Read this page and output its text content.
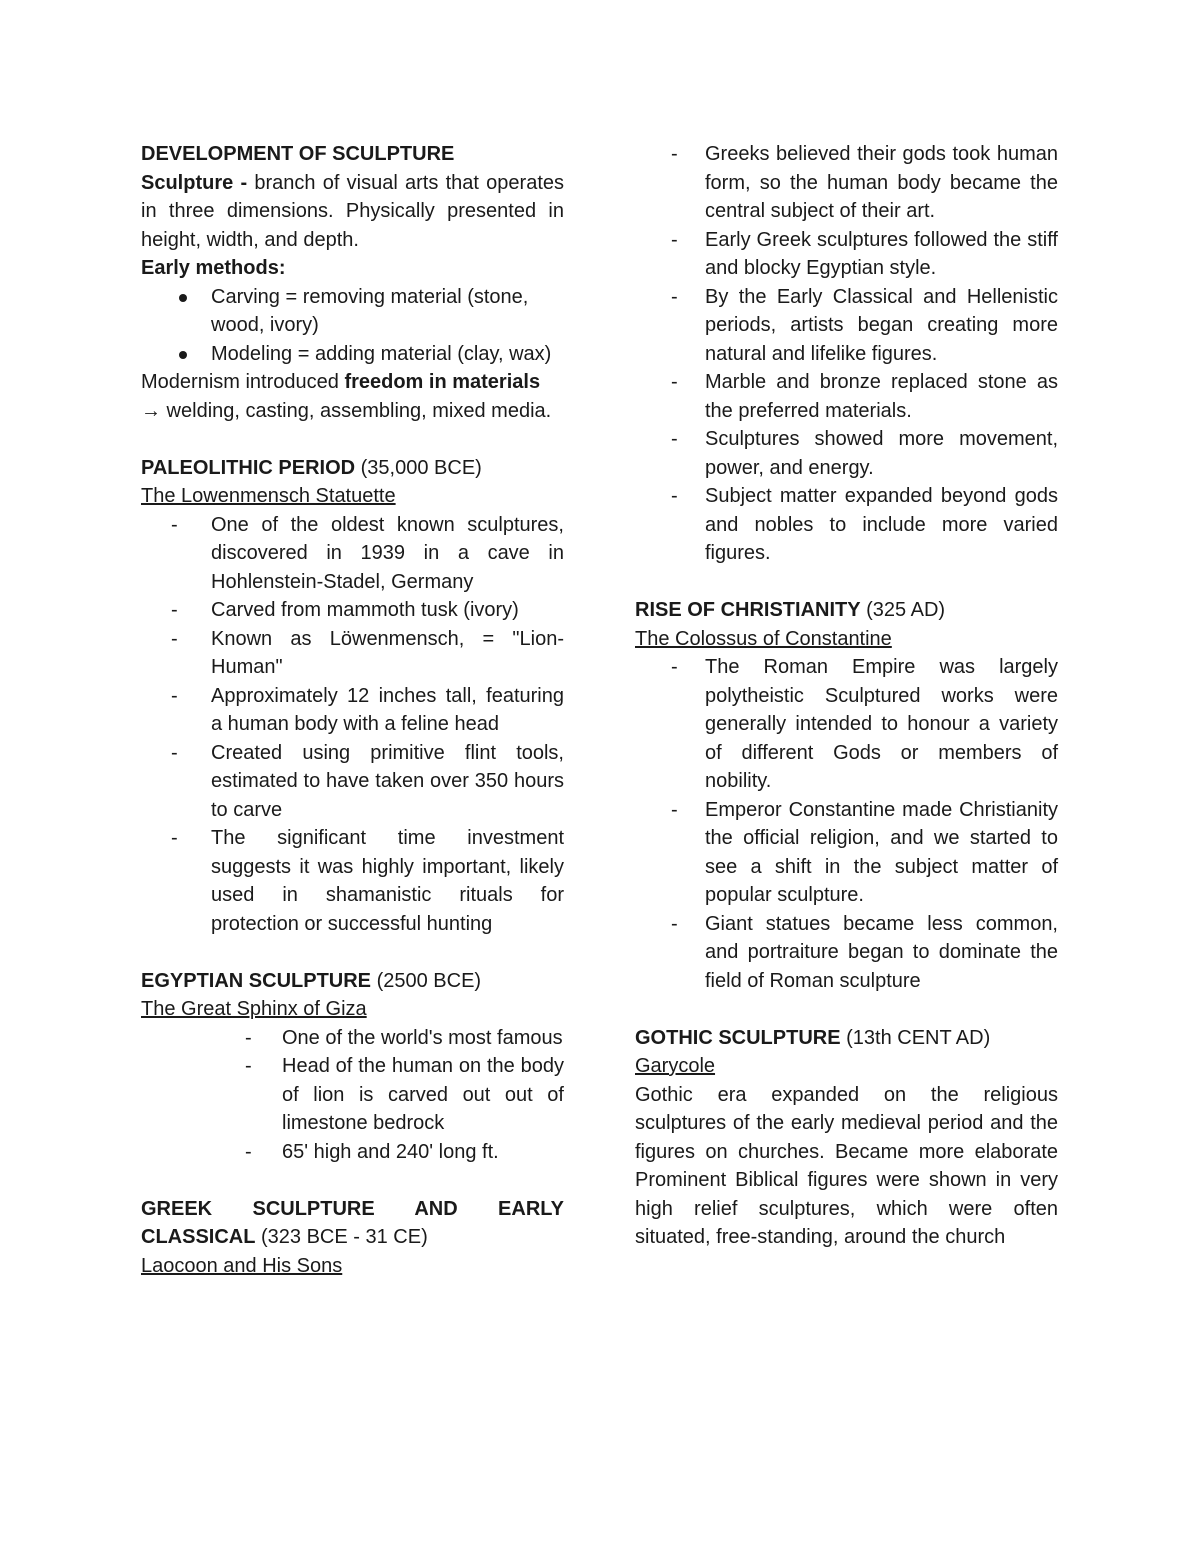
DEVELOPMENT OF SCULPTURE

Sculpture - branch of visual arts that operates in three dimensions. Physically presented in height, width, and depth.

Early methods:

Carving = removing material (stone, wood, ivory)
Modeling = adding material (clay, wax)

Modernism introduced freedom in materials → welding, casting, assembling, mixed media.

PALEOLITHIC PERIOD (35,000 BCE)

The Lowenmensch Statuette

- One of the oldest known sculptures, discovered in 1939 in a cave in Hohlenstein-Stadel, Germany
- Carved from mammoth tusk (ivory)
- Known as Löwenmensch, = "Lion-Human"
- Approximately 12 inches tall, featuring a human body with a feline head
- Created using primitive flint tools, estimated to have taken over 350 hours to carve
- The significant time investment suggests it was highly important, likely used in shamanistic rituals for protection or successful hunting

EGYPTIAN SCULPTURE (2500 BCE)

The Great Sphinx of Giza

- One of the world's most famous
- Head of the human on the body of lion is carved out out of limestone bedrock
- 65' high and 240' long ft.

GREEK SCULPTURE AND EARLY CLASSICAL (323 BCE - 31 CE)

Laocoon and His Sons

- Greeks believed their gods took human form, so the human body became the central subject of their art.
- Early Greek sculptures followed the stiff and blocky Egyptian style.
- By the Early Classical and Hellenistic periods, artists began creating more natural and lifelike figures.
- Marble and bronze replaced stone as the preferred materials.
- Sculptures showed more movement, power, and energy.
- Subject matter expanded beyond gods and nobles to include more varied figures.

RISE OF CHRISTIANITY (325 AD)

The Colossus of Constantine

- The Roman Empire was largely polytheistic Sculptured works were generally intended to honour a variety of different Gods or members of nobility.
- Emperor Constantine made Christianity the official religion, and we started to see a shift in the subject matter of popular sculpture.
- Giant statues became less common, and portraiture began to dominate the field of Roman sculpture

GOTHIC SCULPTURE (13th CENT AD)

Garycole

Gothic era expanded on the religious sculptures of the early medieval period and the figures on churches. Became more elaborate Prominent Biblical figures were shown in very high relief sculptures, which were often situated, free-standing, around the church
